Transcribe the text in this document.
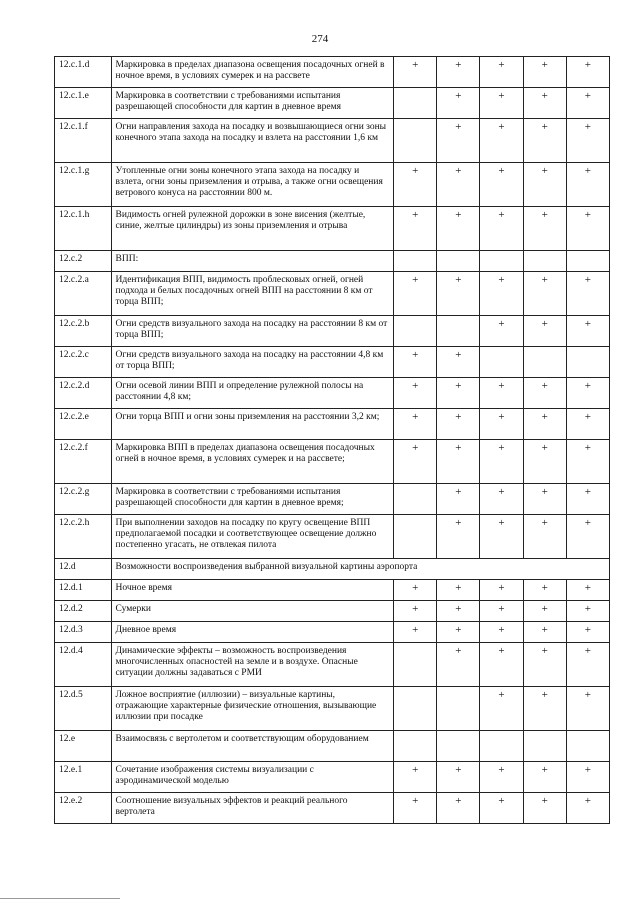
274
12.c.1.d	Маркировка в пределах диапазона освещения посадочных огней в ночное время, в условиях сумерек и на рассвете	+	+	+	+	+
12.c.1.e	Маркировка в соответствии с требованиями испытания разрешающей способности для картин в дневное время		+	+	+	+
12.c.1.f	Огни направления захода на посадку и возвышающиеся огни зоны конечного этапа захода на посадку и взлета на расстоянии 1,6 км		+	+	+	+
12.c.1.g	Утопленные огни зоны конечного этапа захода на посадку и взлета, огни зоны приземления и отрыва, а также огни освещения ветрового конуса на расстоянии 800 м.	+	+	+	+	+
12.c.1.h	Видимость огней рулежной дорожки в зоне висения (желтые, синие, желтые цилиндры) из зоны приземления и отрыва	+	+	+	+	+
12.c.2	ВПП:					
12.c.2.a	Идентификация ВПП, видимость проблесковых огней, огней подхода и белых посадочных огней ВПП на расстоянии 8 км от торца ВПП;	+	+	+	+	+
12.c.2.b	Огни средств визуального захода на посадку на расстоянии 8 км от торца ВПП;			+	+	+
12.c.2.c	Огни средств визуального захода на посадку на расстоянии 4,8 км от торца ВПП;	+	+			
12.c.2.d	Огни осевой линии ВПП и определение рулежной полосы на расстоянии 4,8 км;	+	+	+	+	+
12.c.2.e	Огни торца ВПП и огни зоны приземления на расстоянии 3,2 км;	+	+	+	+	+
12.c.2.f	Маркировка ВПП в пределах диапазона освещения посадочных огней в ночное время, в условиях сумерек и на рассвете;	+	+	+	+	+
12.c.2.g	Маркировка в соответствии с требованиями испытания разрешающей способности для картин в дневное время;		+	+	+	+
12.c.2.h	При выполнении заходов на посадку по кругу освещение ВПП предполагаемой посадки и соответствующее освещение должно постепенно угасать, не отвлекая пилота		+	+	+	+
12.d	Возможности воспроизведения выбранной визуальной картины аэропорта					
12.d.1	Ночное время	+	+	+	+	+
12.d.2	Сумерки	+	+	+	+	+
12.d.3	Дневное время	+	+	+	+	+
12.d.4	Динамические эффекты – возможность воспроизведения многочисленных опасностей на земле и в воздухе. Опасные ситуации должны задаваться с РМИ		+	+	+	+
12.d.5	Ложное восприятие (иллюзии) – визуальные картины, отражающие характерные физические отношения, вызывающие иллюзии при посадке			+	+	+
12.e	Взаимосвязь с вертолетом и соответствующим оборудованием					
12.e.1	Сочетание изображения системы визуализации с аэродинамической моделью	+	+	+	+	+
12.e.2	Соотношение визуальных эффектов и реакций реального вертолета	+	+	+	+	+
